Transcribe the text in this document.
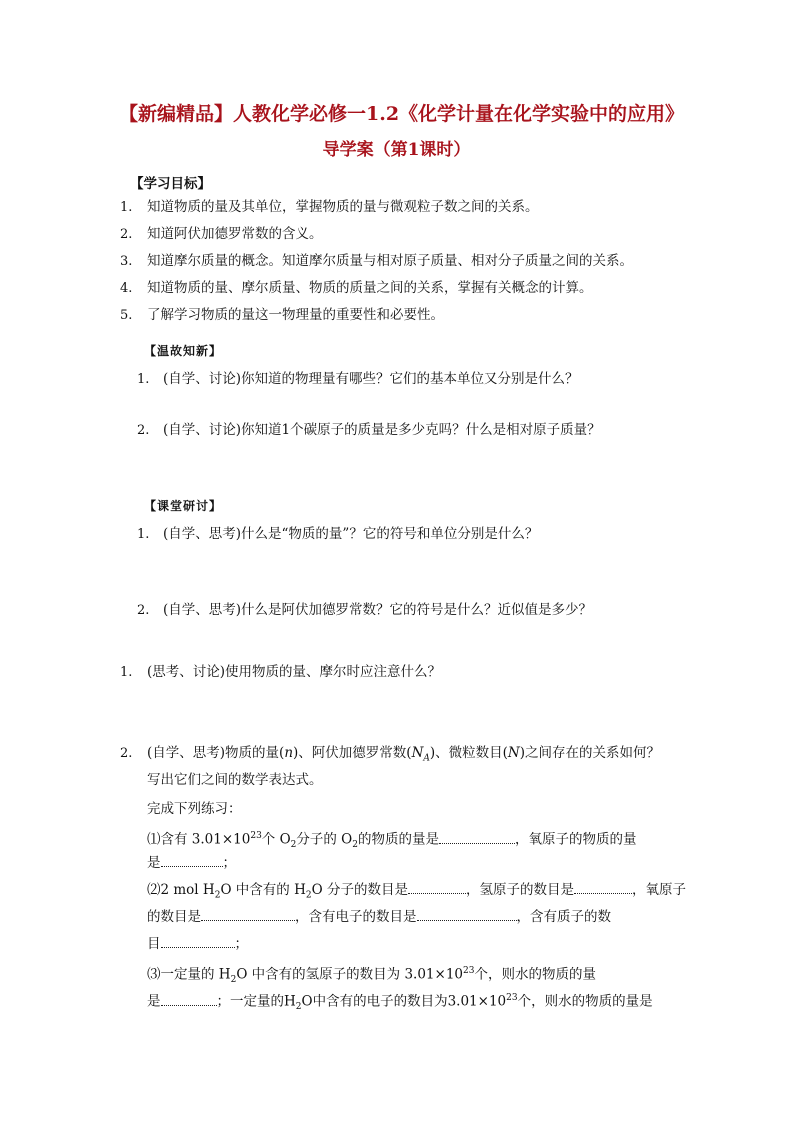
【新编精品】人教化学必修一1.2《化学计量在化学实验中的应用》
导学案（第1课时）
【学习目标】
1. 知道物质的量及其单位，掌握物质的量与微观粒子数之间的关系。
2. 知道阿伏加德罗常数的含义。
3. 知道摩尔质量的概念。知道摩尔质量与相对原子质量、相对分子质量之间的关系。
4. 知道物质的量、摩尔质量、物质的质量之间的关系，掌握有关概念的计算。
5. 了解学习物质的量这一物理量的重要性和必要性。
【温故知新】
1. (自学、讨论)你知道的物理量有哪些？它们的基本单位又分别是什么？
2. (自学、讨论)你知道1个碳原子的质量是多少克吗？什么是相对原子质量？
【课堂研讨】
1. (自学、思考)什么是“物质的量”？它的符号和单位分别是什么？
2. (自学、思考)什么是阿伏加德罗常数？它的符号是什么？近似值是多少？
1. (思考、讨论)使用物质的量、摩尔时应注意什么？
2. (自学、思考)物质的量(n)、阿伏加德罗常数$(N_A)$、微粒数目(N)之间存在的关系如何？
写出它们之间的数学表达式。
完成下列练习：
⑴含有 $3.01\times 10^{23}$个 $O_2$分子的 $O_2$的物质的量是	，氧原子的物质的量
是	；
⑵2 mol $H_2O$ 中含有的 $H_2O$ 分子的数目是	，氢原子的数目是	，氧原子
的数目是	，含有电子的数目是	，含有质子的数
目	；
⑶一定量的 $H_2O$ 中含有的氢原子的数目为 $3.01\times 10^{23}$个，则水的物质的量
是	；一定量的$H_2O$中含有的电子的数目为$3.01\times 10^{23}$个，则水的物质的量是
